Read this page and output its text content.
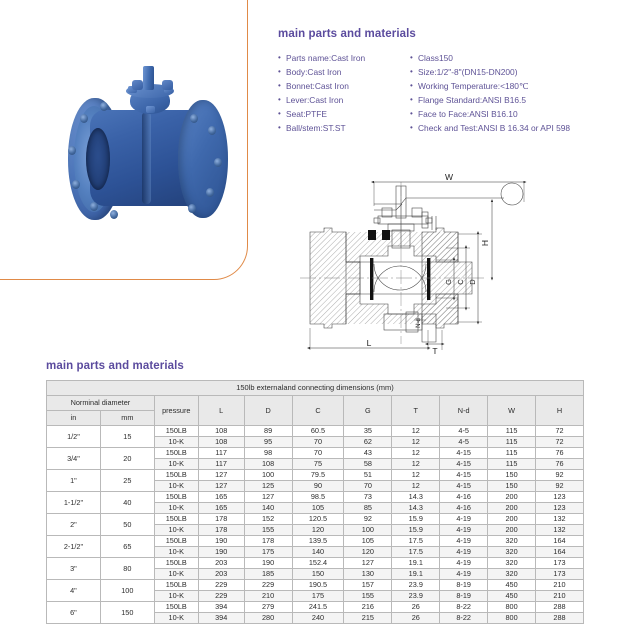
main parts and materials
• Parts name:Cast Iron
• Body:Cast Iron
• Bonnet:Cast Iron
• Lever:Cast Iron
• Seat:PTFE
• Ball/stem:ST.ST
• Class150
• Size:1/2"-8"(DN15-DN200)
• Working Temperature:<180℃
• Flange Standard:ANSI B16.5
• Face to Face:ANSI B16.10
• Check and Test:ANSI B 16.34 or API 598
W
H
G C D
L
T
N-d
main parts and materials
150lb externaland connecting dimensions (mm)										
Norminal diameter		pressure	L	D	C	G	T	N-d	W	H
in	mm									
1/2"	15	150LB	108	89	60.5	35	12	4-5	115	72
		10-K	108	95	70	62	12	4-5	115	72
3/4"	20	150LB	117	98	70	43	12	4-15	115	76
		10-K	117	108	75	58	12	4-15	115	76
1"	25	150LB	127	100	79.5	51	12	4-15	150	92
		10-K	127	125	90	70	12	4-15	150	92
1-1/2"	40	150LB	165	127	98.5	73	14.3	4-16	200	123
		10-K	165	140	105	85	14.3	4-16	200	123
2"	50	150LB	178	152	120.5	92	15.9	4-19	200	132
		10-K	178	155	120	100	15.9	4-19	200	132
2-1/2"	65	150LB	190	178	139.5	105	17.5	4-19	320	164
		10-K	190	175	140	120	17.5	4-19	320	164
3"	80	150LB	203	190	152.4	127	19.1	4-19	320	173
		10-K	203	185	150	130	19.1	4-19	320	173
4"	100	150LB	229	229	190.5	157	23.9	8-19	450	210
		10-K	229	210	175	155	23.9	8-19	450	210
6"	150	150LB	394	279	241.5	216	26	8-22	800	288
		10-K	394	280	240	215	26	8-22	800	288
